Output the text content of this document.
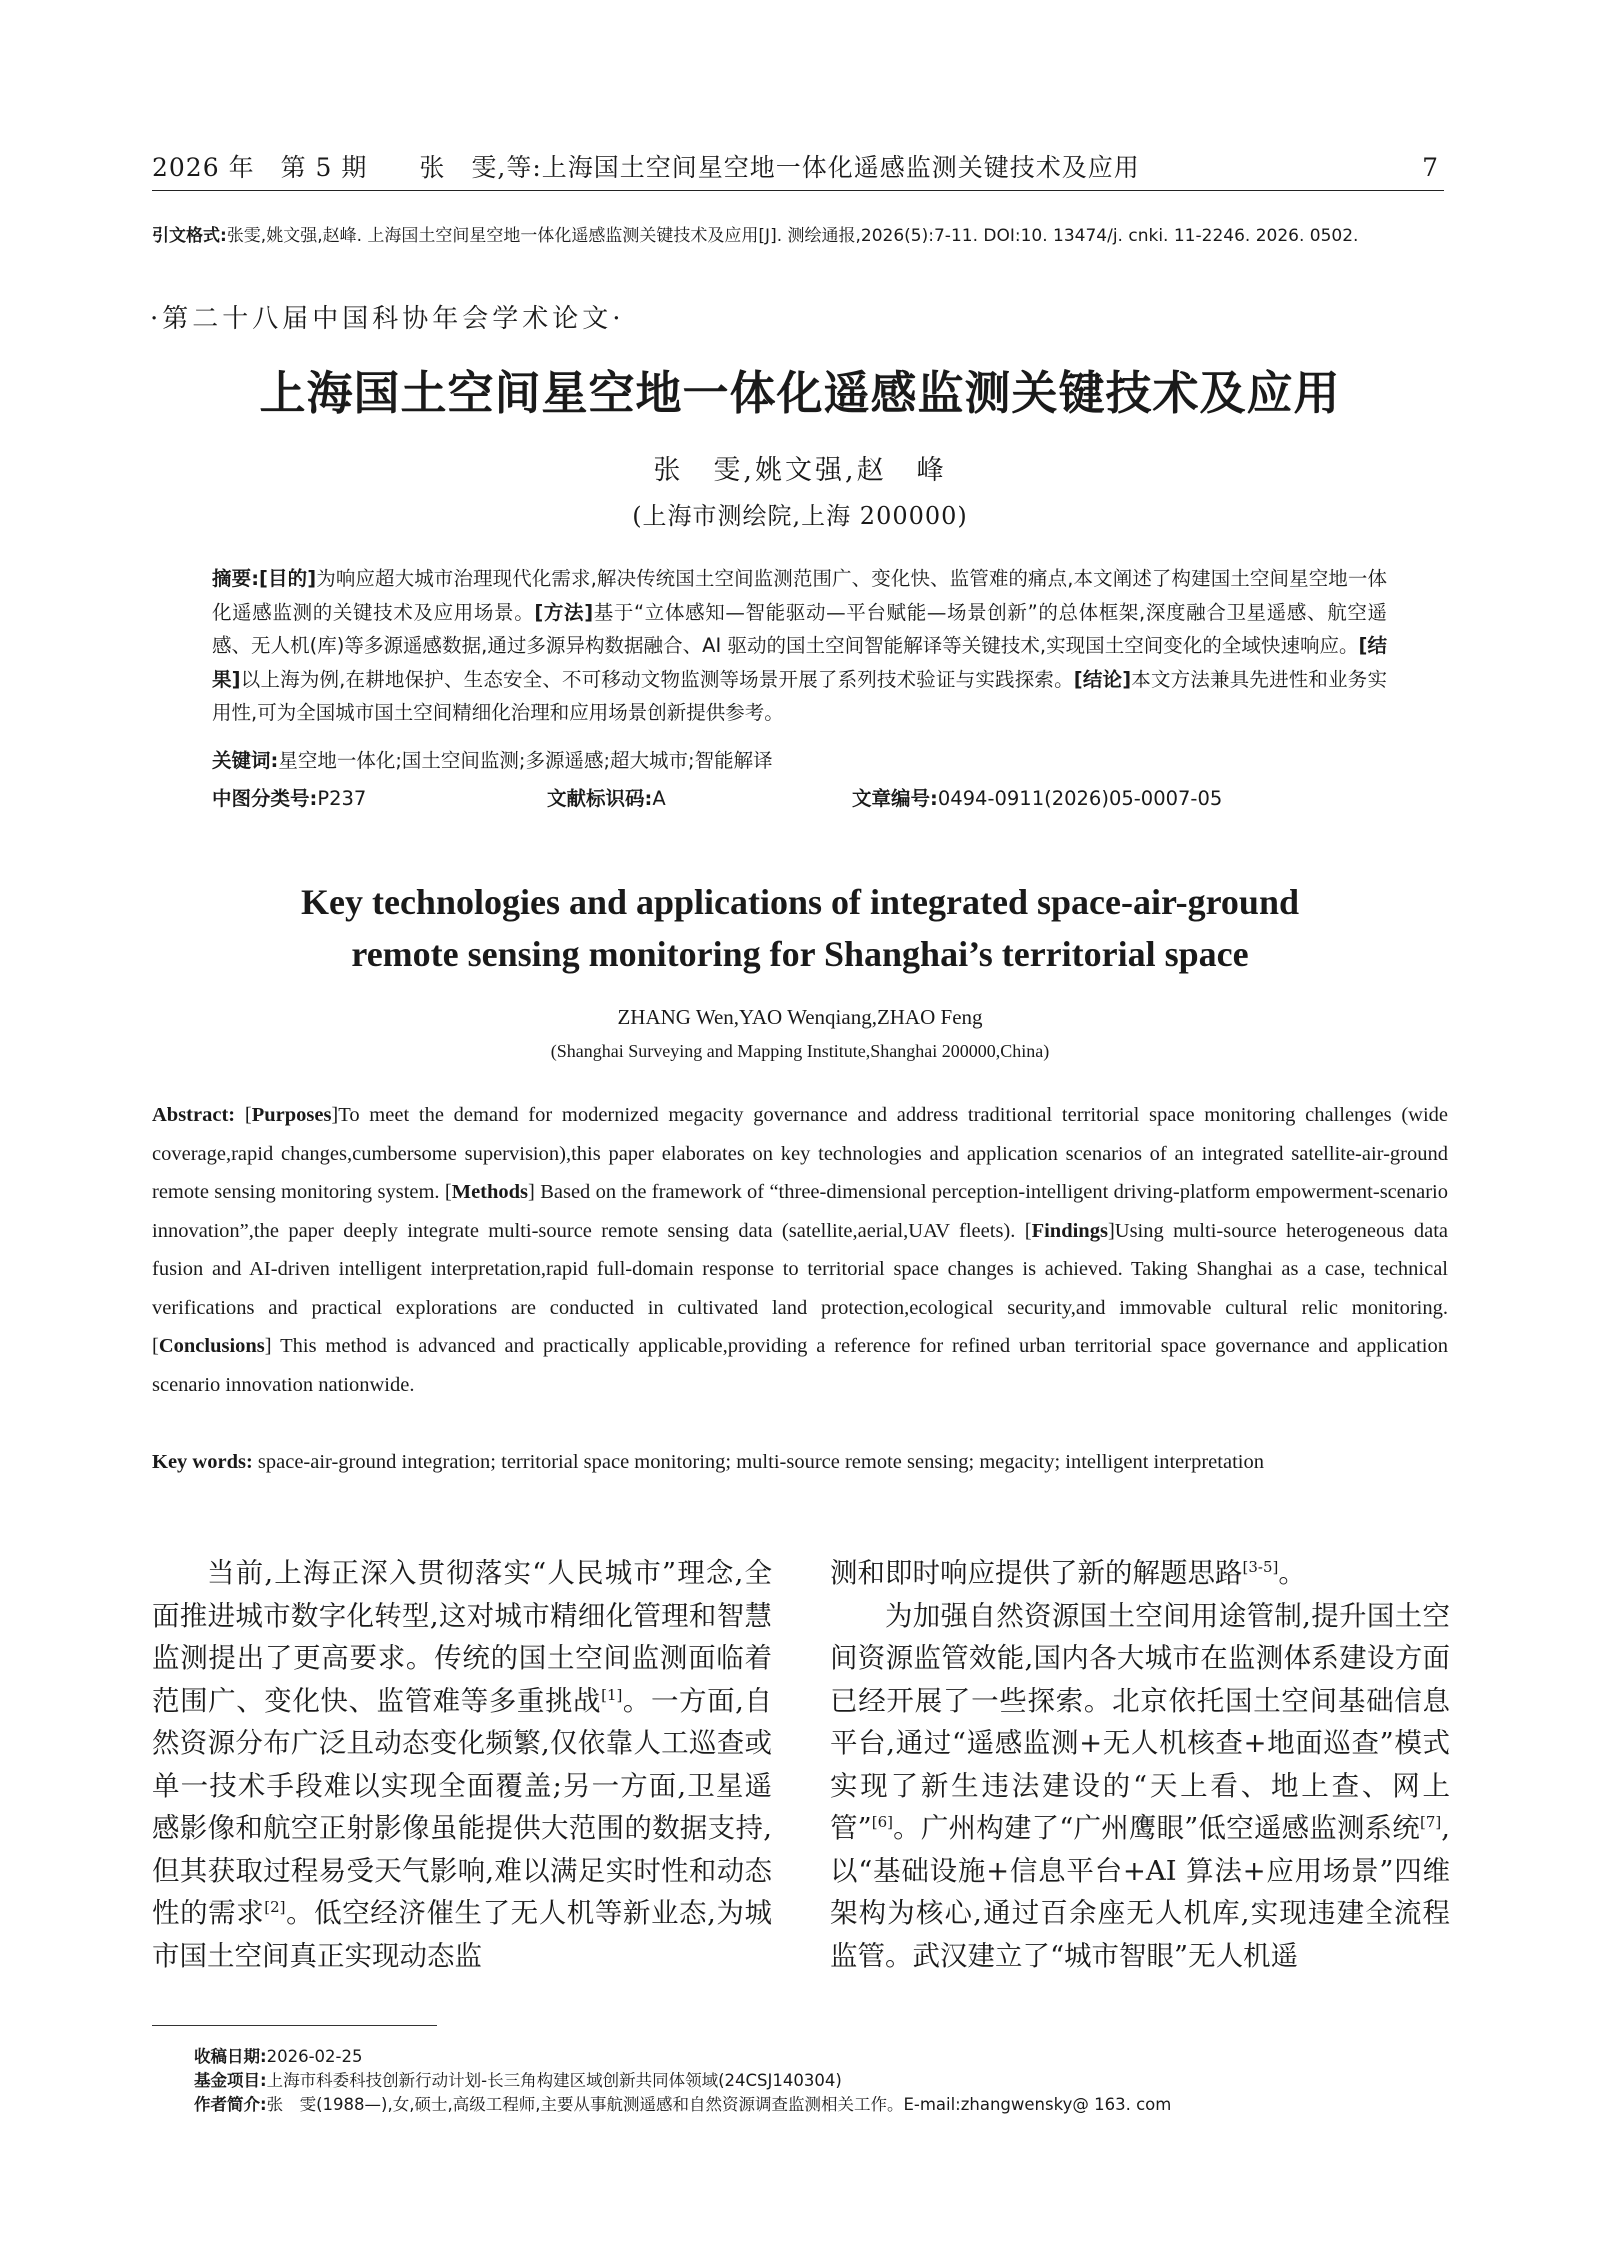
2026 年　第 5 期　　张　雯,等:上海国土空间星空地一体化遥感监测关键技术及应用	7
引文格式:张雯,姚文强,赵峰. 上海国土空间星空地一体化遥感监测关键技术及应用[J]. 测绘通报,2026(5):7-11. DOI:10. 13474/j. cnki. 11-2246. 2026. 0502.
·第二十八届中国科协年会学术论文·
上海国土空间星空地一体化遥感监测关键技术及应用
张　雯,姚文强,赵　峰
(上海市测绘院,上海 200000)
摘要:[目的]为响应超大城市治理现代化需求,解决传统国土空间监测范围广、变化快、监管难的痛点,本文阐述了构建国土空间星空地一体化遥感监测的关键技术及应用场景。[方法]基于“立体感知—智能驱动—平台赋能—场景创新”的总体框架,深度融合卫星遥感、航空遥感、无人机(库)等多源遥感数据,通过多源异构数据融合、AI 驱动的国土空间智能解译等关键技术,实现国土空间变化的全域快速响应。[结果]以上海为例,在耕地保护、生态安全、不可移动文物监测等场景开展了系列技术验证与实践探索。[结论]本文方法兼具先进性和业务实用性,可为全国城市国土空间精细化治理和应用场景创新提供参考。
关键词:星空地一体化;国土空间监测;多源遥感;超大城市;智能解译
中图分类号:P237	文献标识码:A	文章编号:0494-0911(2026)05-0007-05
Key technologies and applications of integrated space-air-ground
remote sensing monitoring for Shanghai’s territorial space
ZHANG Wen,YAO Wenqiang,ZHAO Feng
(Shanghai Surveying and Mapping Institute,Shanghai 200000,China)
Abstract: [Purposes]To meet the demand for modernized megacity governance and address traditional territorial space monitoring challenges (wide coverage,rapid changes,cumbersome supervision),this paper elaborates on key technologies and application scenarios of an integrated satellite-air-ground remote sensing monitoring system. [Methods] Based on the framework of “three-dimensional perception-intelligent driving-platform empowerment-scenario innovation”,the paper deeply integrate multi-source remote sensing data (satellite,aerial,UAV fleets). [Findings]Using multi-source heterogeneous data fusion and AI-driven intelligent interpretation,rapid full-domain response to territorial space changes is achieved. Taking Shanghai as a case, technical verifications and practical explorations are conducted in cultivated land protection,ecological security,and immovable cultural relic monitoring. [Conclusions] This method is advanced and practically applicable,providing a reference for refined urban territorial space governance and application scenario innovation nationwide.
Key words: space-air-ground integration; territorial space monitoring; multi-source remote sensing; megacity; intelligent interpretation

当前,上海正深入贯彻落实“人民城市”理念,全面推进城市数字化转型,这对城市精细化管理和智慧监测提出了更高要求。传统的国土空间监测面临着范围广、变化快、监管难等多重挑战[1]。一方面,自然资源分布广泛且动态变化频繁,仅依靠人工巡查或单一技术手段难以实现全面覆盖;另一方面,卫星遥感影像和航空正射影像虽能提供大范围的数据支持,但其获取过程易受天气影响,难以满足实时性和动态性的需求[2]。低空经济催生了无人机等新业态,为城市国土空间真正实现动态监

测和即时响应提供了新的解题思路[3-5]。

为加强自然资源国土空间用途管制,提升国土空间资源监管效能,国内各大城市在监测体系建设方面已经开展了一些探索。北京依托国土空间基础信息平台,通过“遥感监测+无人机核查+地面巡查”模式实现了新生违法建设的“天上看、地上查、网上管”[6]。广州构建了“广州鹰眼”低空遥感监测系统[7],以“基础设施+信息平台+AI 算法+应用场景”四维架构为核心,通过百余座无人机库,实现违建全流程监管。武汉建立了“城市智眼”无人机遥

收稿日期:2026-02-25
基金项目:上海市科委科技创新行动计划-长三角构建区域创新共同体领域(24CSJ140304)
作者简介:张　雯(1988—),女,硕士,高级工程师,主要从事航测遥感和自然资源调查监测相关工作。E-mail:zhangwensky@ 163. com
